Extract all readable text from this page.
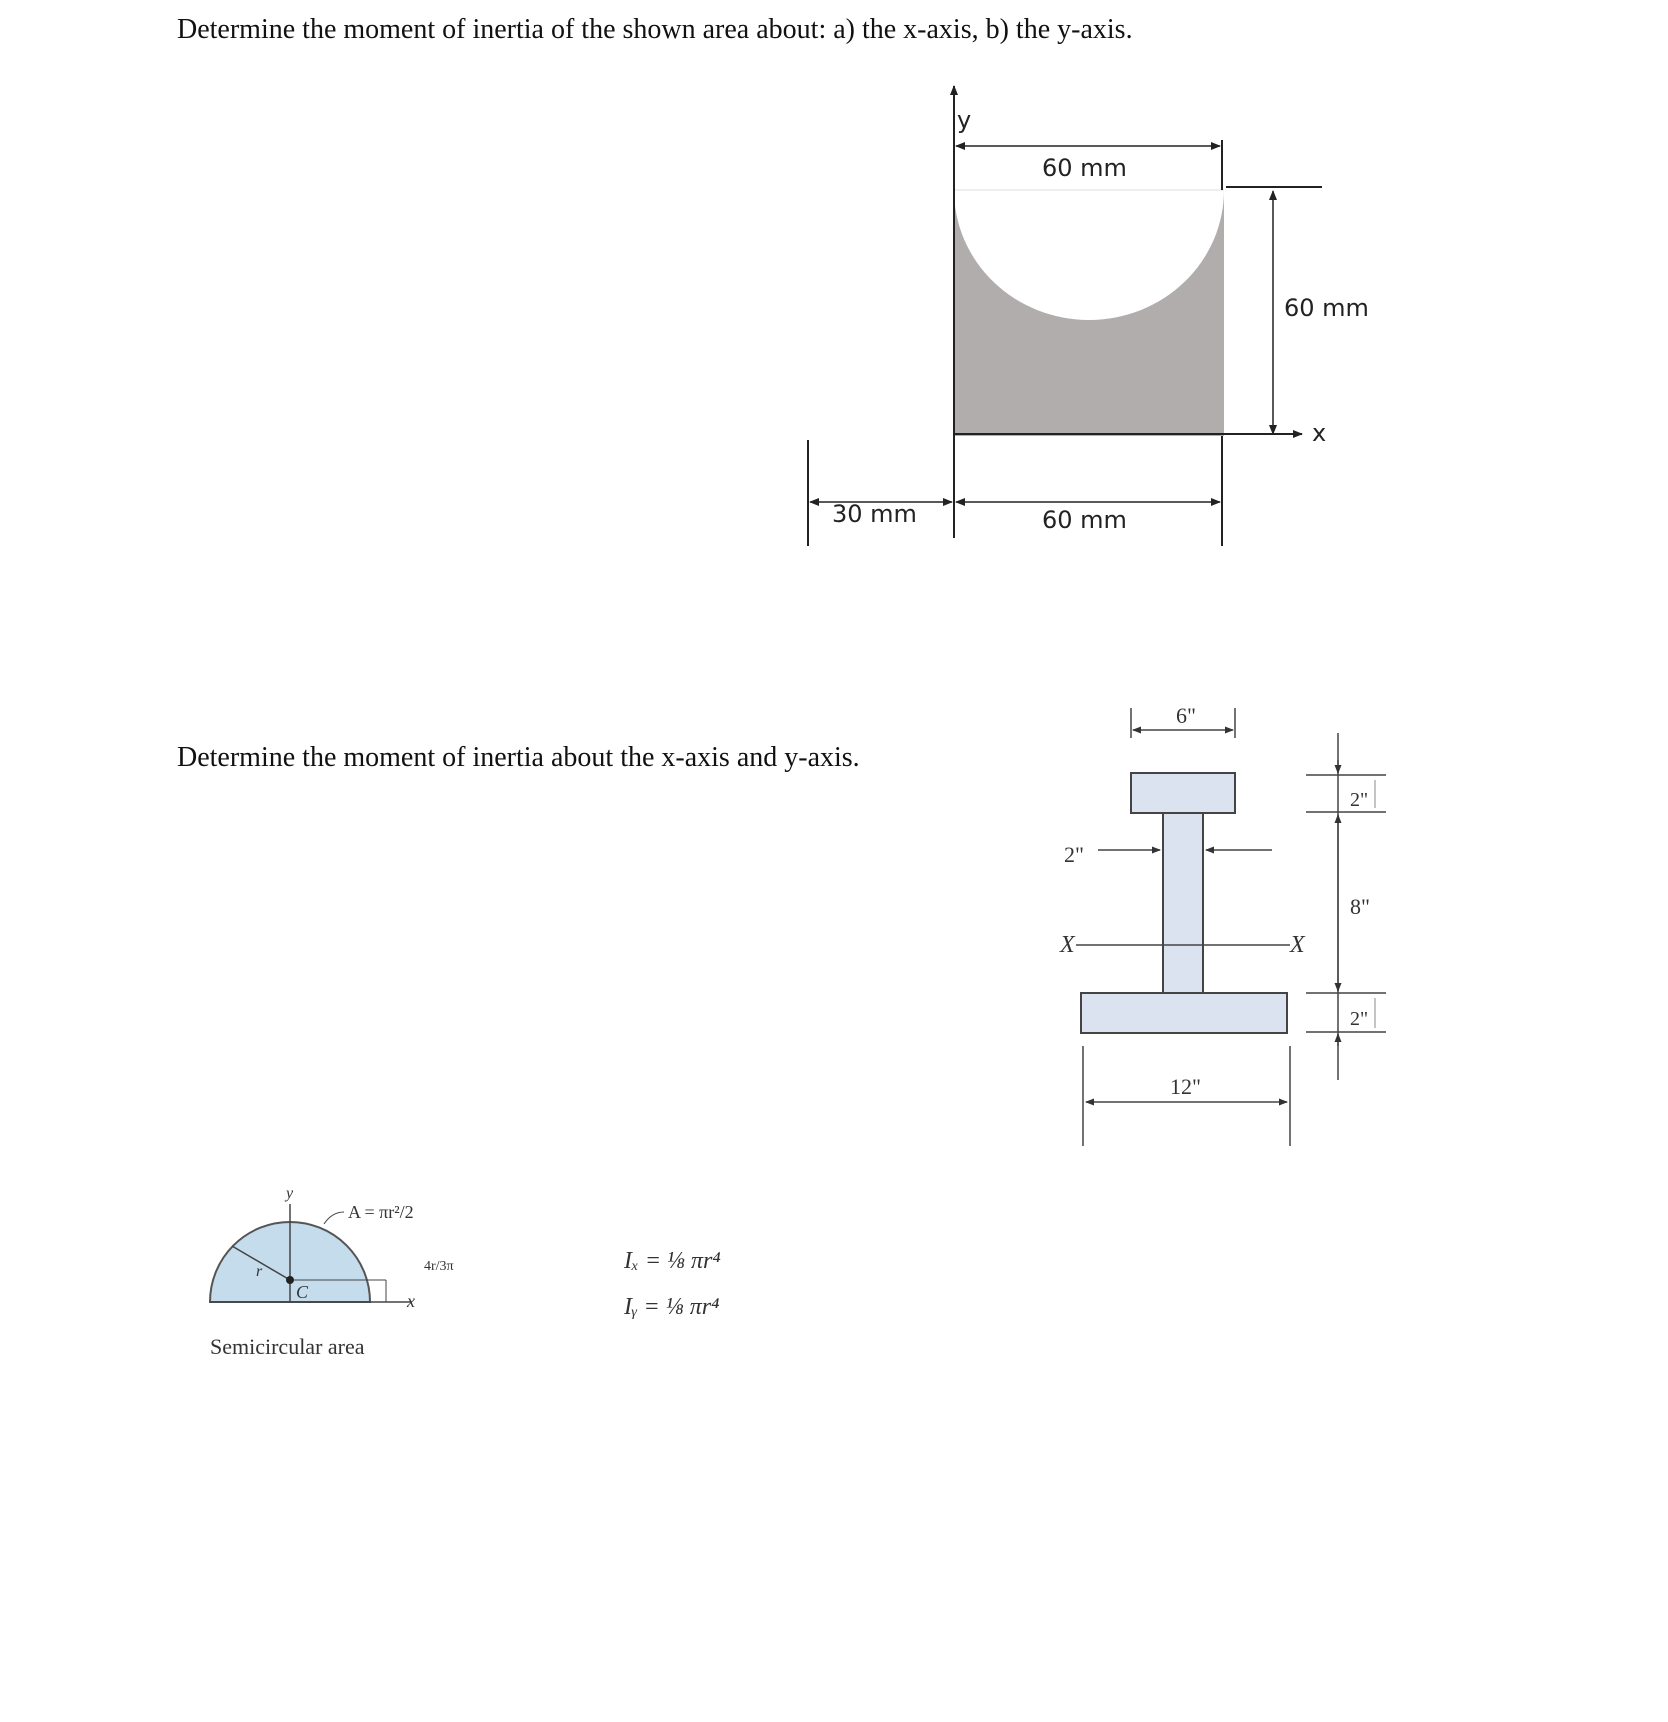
Determine the moment of inertia of the shown area about: a) the x-axis, b) the y-axis.
y
x
60 mm
60 mm
30 mm	60 mm
Determine the moment of inertia about the x-axis and y-axis.
6"
2"
X	X
2"
8"
2"
12"
y
x
r
C
A = πr²/2
4r/3π
Semicircular area
Iₓ = ⅛ πr⁴
Iᵧ = ⅛ πr⁴
